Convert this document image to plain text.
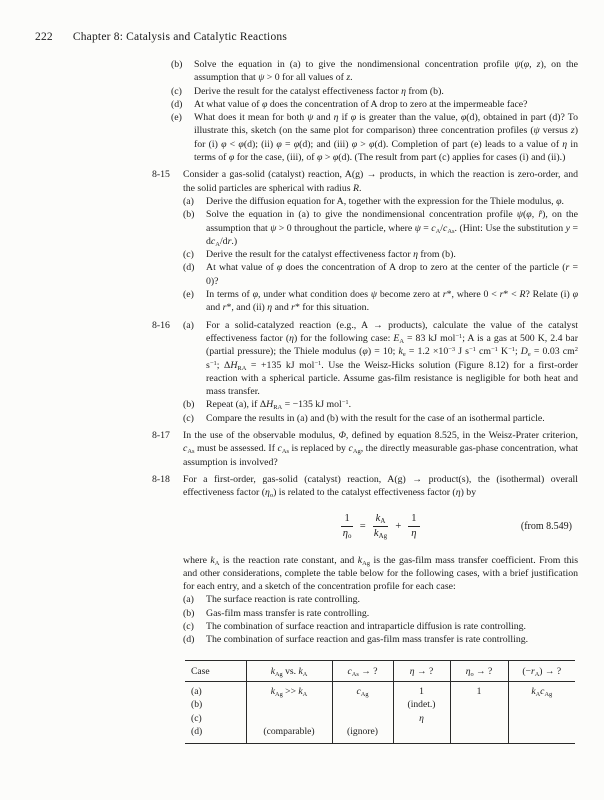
222 Chapter 8: Catalysis and Catalytic Reactions
(b)	Solve the equation in (a) to give the nondimensional concentration profile ψ(φ, z), on the assumption that ψ > 0 for all values of z.
(c)	Derive the result for the catalyst effectiveness factor η from (b).
(d)	At what value of φ does the concentration of A drop to zero at the impermeable face?
(e)	What does it mean for both ψ and η if φ is greater than the value, φ(d), obtained in part (d)? To illustrate this, sketch (on the same plot for comparison) three concentration profiles (ψ versus z) for (i) φ < φ(d); (ii) φ = φ(d); and (iii) φ > φ(d). Completion of part (e) leads to a value of η in terms of φ for the case, (iii), of φ > φ(d). (The result from part (c) applies for cases (i) and (ii).)
8-15	Consider a gas-solid (catalyst) reaction, A(g) → products, in which the reaction is zero-order, and the solid particles are spherical with radius R.
(a)	Derive the diffusion equation for A, together with the expression for the Thiele modulus, φ.
(b)	Solve the equation in (a) to give the nondimensional concentration profile ψ(φ, r̂), on the assumption that ψ > 0 throughout the particle, where $\psi = c_A/c_{As}$. (Hint: Use the substitution $y = dc_A/dr$.)
(c)	Derive the result for the catalyst effectiveness factor η from (b).
(d)	At what value of φ does the concentration of A drop to zero at the center of the particle (r = 0)?
(e)	In terms of φ, under what condition does ψ become zero at r*, where 0 < r* < R? Relate (i) φ and r*, and (ii) η and r* for this situation.
8-16	(a)	For a solid-catalyzed reaction (e.g., A → products), calculate the value of the catalyst effectiveness factor (η) for the following case: $E_A = 83$ kJ mol$^{-1}$; A is a gas at 500 K, 2.4 bar (partial pressure); the Thiele modulus (φ) = 10; $k_e = 1.2 \times 10^{-3}$ J $s^{-1}$ $cm^{-1}$ $K^{-1}$; $D_e = 0.03$ $cm^2$ $s^{-1}$; $\Delta H_{RA} = +135$ kJ mol$^{-1}$. Use the Weisz-Hicks solution (Figure 8.12) for a first-order reaction with a spherical particle. Assume gas-film resistance is negligible for both heat and mass transfer.
(b)	Repeat (a), if $\Delta H_{RA} = -135$ kJ mol$^{-1}$.
(c)	Compare the results in (a) and (b) with the result for the case of an isothermal particle.
8-17	In the use of the observable modulus, Φ, defined by equation 8.525, in the Weisz-Prater criterion, $c_{As}$ must be assessed. If $c_{As}$ is replaced by $c_{Ag}$, the directly measurable gas-phase concentration, what assumption is involved?
8-18	For a first-order, gas-solid (catalyst) reaction, A(g) → product(s), the (isothermal) overall effectiveness factor $(\eta_o)$ is related to the catalyst effectiveness factor (η) by
$\frac{1}{\eta_o} = \frac{k_A}{k_{Ag}} + \frac{1}{\eta}$	(from 8.549)
where $k_A$ is the reaction rate constant, and $k_{Ag}$ is the gas-film mass transfer coefficient. From this and other considerations, complete the table below for the following cases, with a brief justification for each entry, and a sketch of the concentration profile for each case:
(a)	The surface reaction is rate controlling.
(b)	Gas-film mass transfer is rate controlling.
(c)	The combination of surface reaction and intraparticle diffusion is rate controlling.
(d)	The combination of surface reaction and gas-film mass transfer is rate controlling.
Case	$k_{Ag}$ vs. $k_A$	$c_{As}$ → ?	η → ?	$\eta_o$ → ?	$(-r_A)$ → ?
(a)	$k_{Ag} >> k_A$	$c_{Ag}$	1	1	$k_Ac_{Ag}$
(b)			(indet.)		
(c)			η		
(d)	(comparable)	(ignore)			
